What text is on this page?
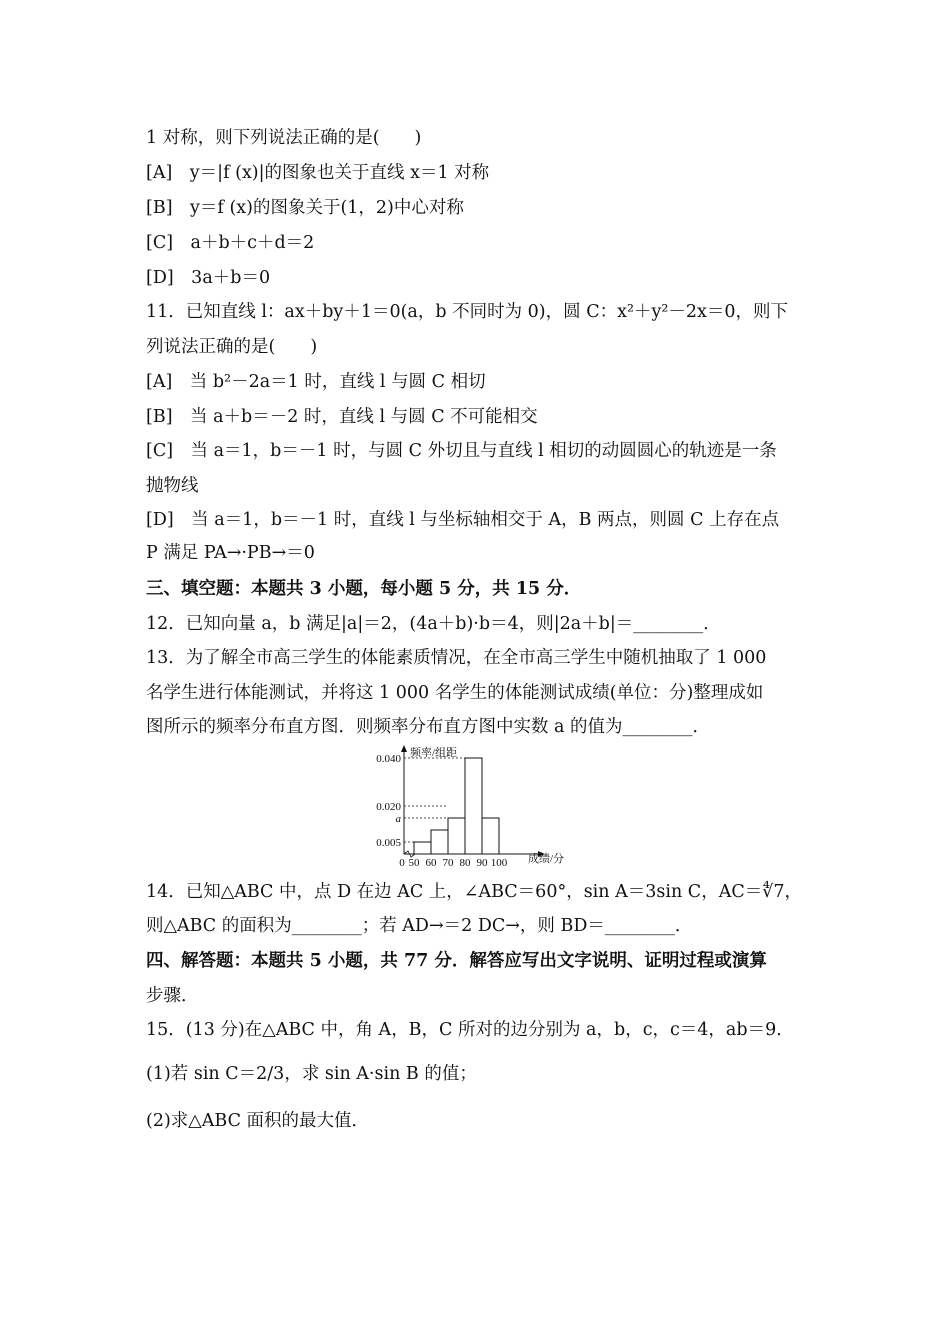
1 对称，则下列说法正确的是(　　)
[A]　y＝|f (x)|的图象也关于直线 x＝1 对称
[B]　y＝f (x)的图象关于(1，2)中心对称
[C]　a＋b＋c＋d＝2
[D]　3a＋b＝0
11．已知直线 l：ax＋by＋1＝0(a，b 不同时为 0)，圆 C：x²＋y²－2x＝0，则下
列说法正确的是(　　)
[A]　当 b²－2a＝1 时，直线 l 与圆 C 相切
[B]　当 a＋b＝－2 时，直线 l 与圆 C 不可能相交
[C]　当 a＝1，b＝－1 时，与圆 C 外切且与直线 l 相切的动圆圆心的轨迹是一条
抛物线
[D]　当 a＝1，b＝－1 时，直线 l 与坐标轴相交于 A，B 两点，则圆 C 上存在点
P 满足 PA→·PB→＝0
三、填空题：本题共 3 小题，每小题 5 分，共 15 分．
12．已知向量 a，b 满足|a|＝2，(4a＋b)·b＝4，则|2a＋b|＝________．
13．为了解全市高三学生的体能素质情况，在全市高三学生中随机抽取了 1 000
名学生进行体能测试，并将这 1 000 名学生的体能测试成绩(单位：分)整理成如
图所示的频率分布直方图．则频率分布直方图中实数 a 的值为________．
0.005
a
0.020
0.040
0 50 60 70 80 90 100
频率/组距
成绩/分
14．已知△ABC 中，点 D 在边 AC 上，∠ABC＝60°，sin A＝3sin C，AC＝∜7，
则△ABC 的面积为________；若 AD→＝2 DC→，则 BD＝________．
四、解答题：本题共 5 小题，共 77 分．解答应写出文字说明、证明过程或演算
步骤．
15．(13 分)在△ABC 中，角 A，B，C 所对的边分别为 a，b，c，c＝4，ab＝9．
(1)若 sin C＝2/3，求 sin A·sin B 的值；
(2)求△ABC 面积的最大值．
